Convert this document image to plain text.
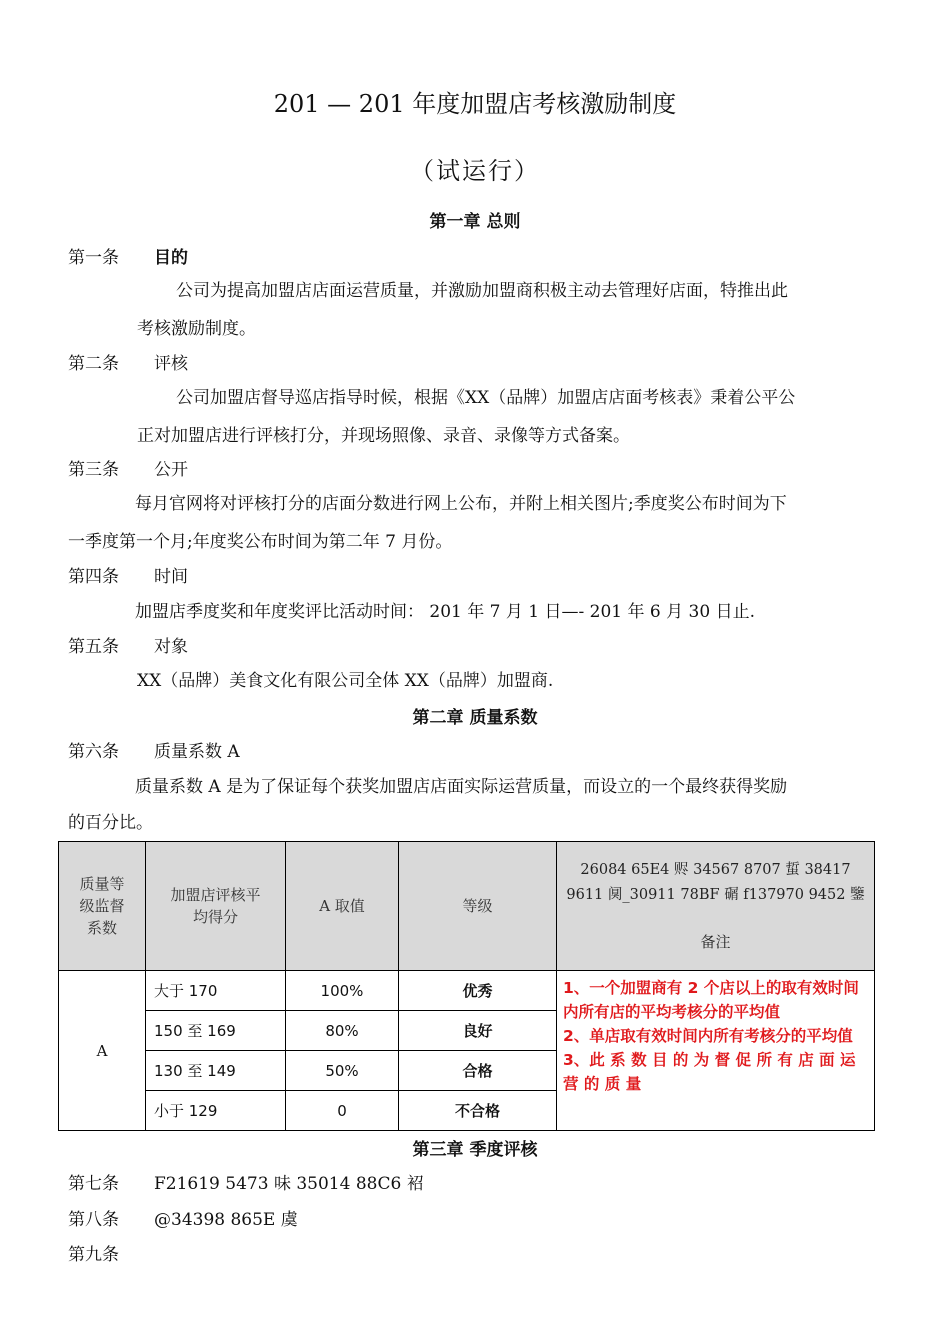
201 — 201 年度加盟店考核激励制度
（试运行）
第一章 总则
第一条 目的
公司为提高加盟店店面运营质量，并激励加盟商积极主动去管理好店面，特推出此
考核激励制度。
第二条 评核
公司加盟店督导巡店指导时候，根据《XX（品牌）加盟店店面考核表》秉着公平公
正对加盟店进行评核打分，并现场照像、录音、录像等方式备案。
第三条 公开
每月官网将对评核打分的店面分数进行网上公布，并附上相关图片;季度奖公布时间为下
一季度第一个月;年度奖公布时间为第二年 7 月份。
第四条 时间
加盟店季度奖和年度奖评比活动时间： 201 年 7 月 1 日—- 201 年 6 月 30 日止.
第五条 对象
XX（品牌）美食文化有限公司全体 XX（品牌）加盟商.
第二章 质量系数
第六条 质量系数 A
质量系数 A 是为了保证每个获奖加盟店店面实际运营质量，而设立的一个最终获得奖励
的百分比。
质量等级监督系数	加盟店评核平均得分	A 取值	等级	26084 65E4 赆 34567 8707 蜇 38417 9611 阒_30911 78BF 碿 f137970 9452 鑒
备注

A	大于 170	100%	优秀	1、一个加盟商有 2 个店以上的取有效时间内所有店的平均考核分的平均值
2、单店取有效时间内所有考核分的平均值
3、此 系 数 目 的 为 督 促 所 有 店 面 运 营 的 质 量

	150 至 169	80%	良好	
	130 至 149	50%	合格	
	小于 129	0	不合格	
第三章 季度评核
第七条 F21619 5473 味 35014 88C6 袑
第八条 @34398 865E 虞
第九条
